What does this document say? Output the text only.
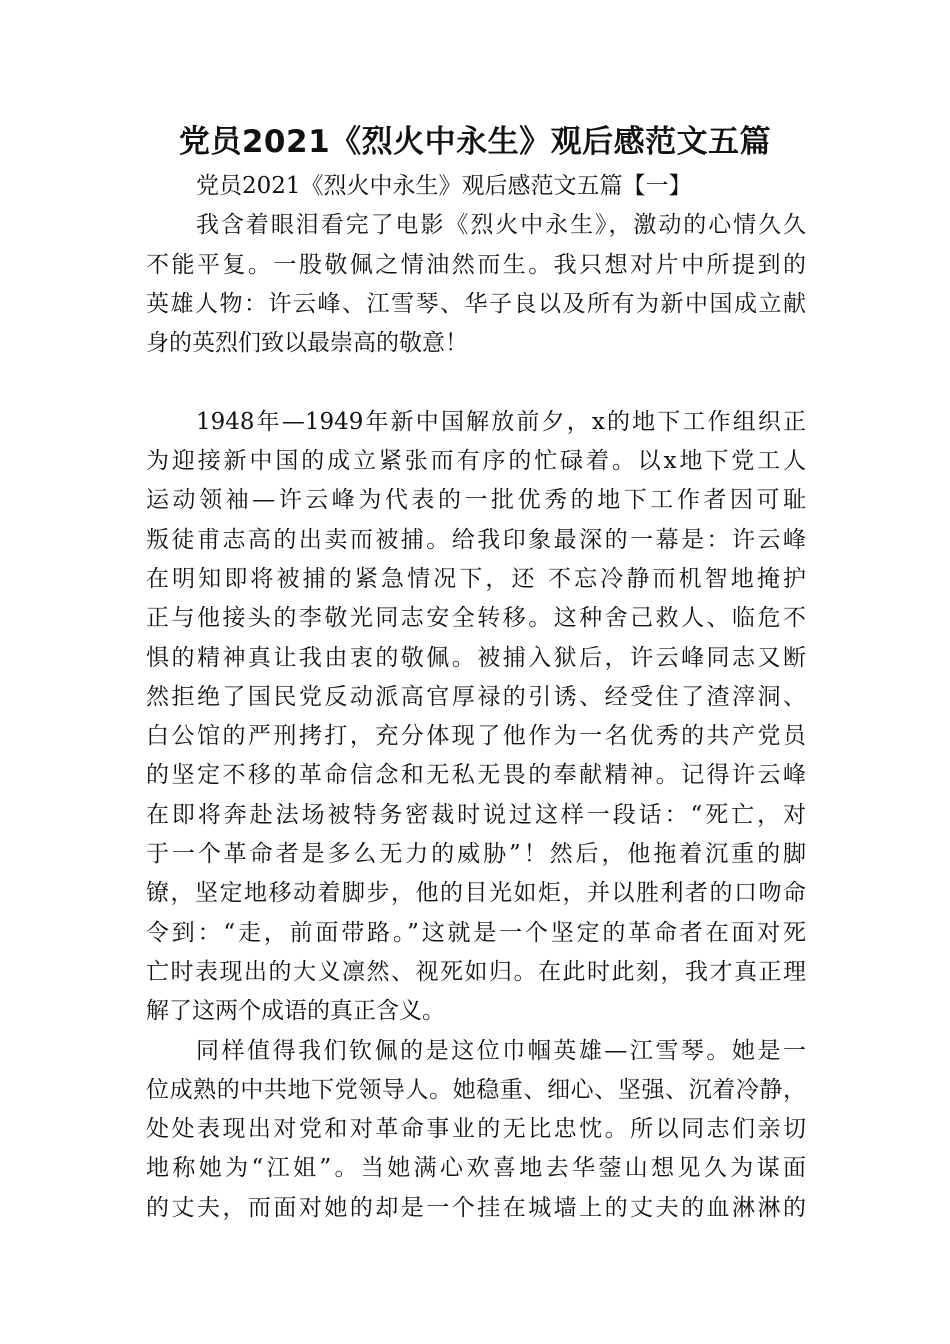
党员2021《烈火中永生》观后感范文五篇
党员2021《烈火中永生》观后感范文五篇【一】
我含着眼泪看完了电影《烈火中永生》，激动的心情久久
不能平复。一股敬佩之情油然而生。我只想对片中所提到的
英雄人物：许云峰、江雪琴、华子良以及所有为新中国成立献
身的英烈们致以最崇高的敬意！
1948年—1949年新中国解放前夕，x的地下工作组织正
为迎接新中国的成立紧张而有序的忙碌着。以x地下党工人
运动领袖—许云峰为代表的一批优秀的地下工作者因可耻
叛徒甫志高的出卖而被捕。给我印象最深的一幕是：许云峰
在明知即将被捕的紧急情况下，还 不忘冷静而机智地掩护
正与他接头的李敬光同志安全转移。这种舍己救人、临危不
惧的精神真让我由衷的敬佩。被捕入狱后，许云峰同志又断
然拒绝了国民党反动派高官厚禄的引诱、经受住了渣滓洞、
白公馆的严刑拷打，充分体现了他作为一名优秀的共产党员
的坚定不移的革命信念和无私无畏的奉献精神。记得许云峰
在即将奔赴法场被特务密裁时说过这样一段话：“死亡，对
于一个革命者是多么无力的威胁”！然后，他拖着沉重的脚
镣，坚定地移动着脚步，他的目光如炬，并以胜利者的口吻命
令到：“走，前面带路。”这就是一个坚定的革命者在面对死
亡时表现出的大义凛然、视死如归。在此时此刻，我才真正理
解了这两个成语的真正含义。
同样值得我们钦佩的是这位巾帼英雄—江雪琴。她是一
位成熟的中共地下党领导人。她稳重、细心、坚强、沉着冷静，
处处表现出对党和对革命事业的无比忠忱。所以同志们亲切
地称她为“江姐”。当她满心欢喜地去华蓥山想见久为谋面
的丈夫，而面对她的却是一个挂在城墙上的丈夫的血淋淋的
